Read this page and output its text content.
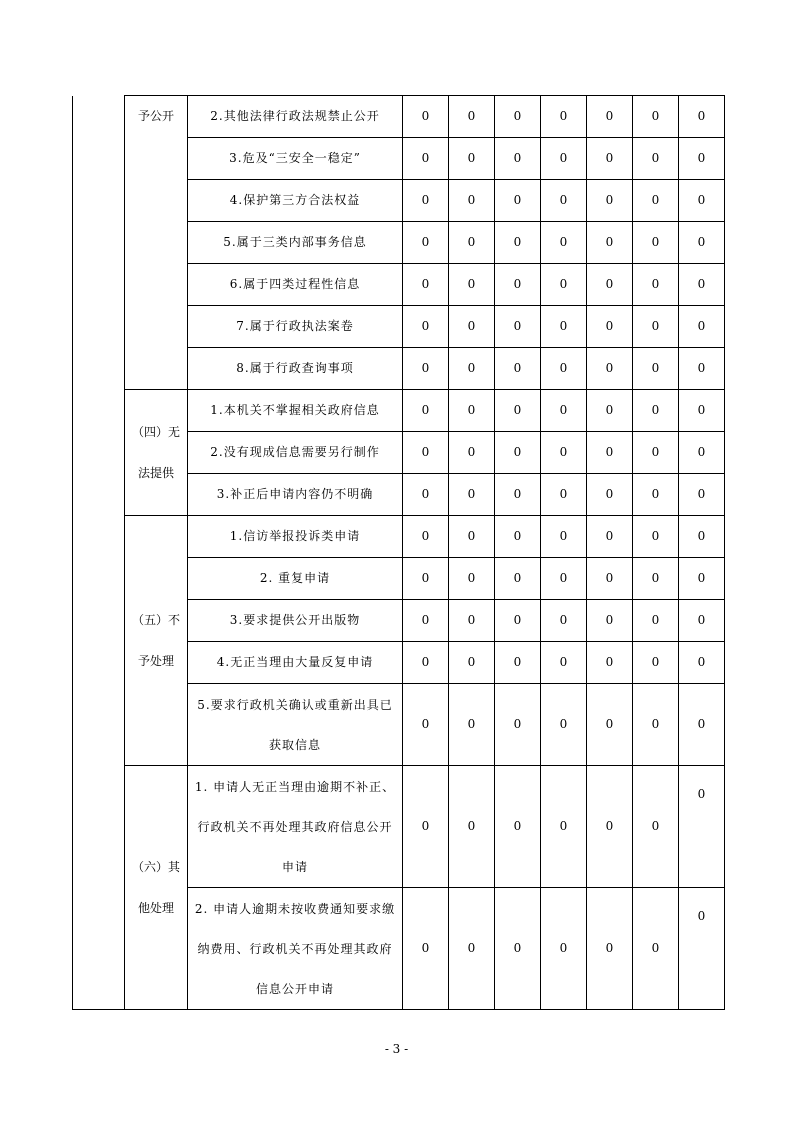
	予公开	2.其他法律行政法规禁止公开	0	0	0	0	0	0	0
		3.危及“三安全一稳定”	0	0	0	0	0	0	0
		4.保护第三方合法权益	0	0	0	0	0	0	0
		5.属于三类内部事务信息	0	0	0	0	0	0	0
		6.属于四类过程性信息	0	0	0	0	0	0	0
		7.属于行政执法案卷	0	0	0	0	0	0	0
		8.属于行政查询事项	0	0	0	0	0	0	0
	（四）无法提供	1.本机关不掌握相关政府信息	0	0	0	0	0	0	0
		2.没有现成信息需要另行制作	0	0	0	0	0	0	0
		3.补正后申请内容仍不明确	0	0	0	0	0	0	0
	（五）不予处理	1.信访举报投诉类申请	0	0	0	0	0	0	0
		2. 重复申请	0	0	0	0	0	0	0
		3.要求提供公开出版物	0	0	0	0	0	0	0
		4.无正当理由大量反复申请	0	0	0	0	0	0	0
		5.要求行政机关确认或重新出具已获取信息	0	0	0	0	0	0	0
	（六）其他处理	1. 申请人无正当理由逾期不补正、行政机关不再处理其政府信息公开申请	0	0	0	0	0	0	0
		2. 申请人逾期未按收费通知要求缴纳费用、行政机关不再处理其政府信息公开申请	0	0	0	0	0	0	0
- 3 -
